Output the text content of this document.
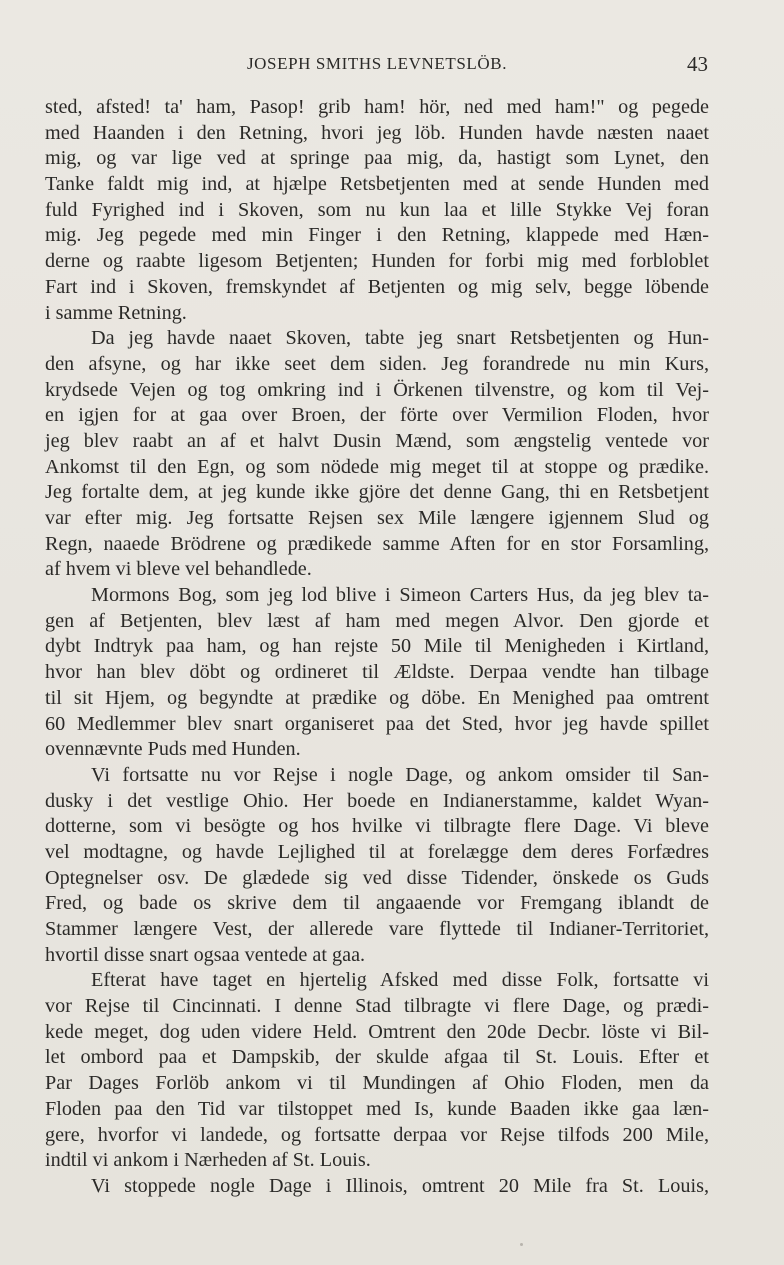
JOSEPH SMITHS LEVNETSLÖB.	43
sted, afsted! ta' ham, Pasop! grib ham! hör, ned med ham!" og pegede
med Haanden i den Retning, hvori jeg löb. Hunden havde næsten naaet
mig, og var lige ved at springe paa mig, da, hastigt som Lynet, den
Tanke faldt mig ind, at hjælpe Retsbetjenten med at sende Hunden med
fuld Fyrighed ind i Skoven, som nu kun laa et lille Stykke Vej foran
mig. Jeg pegede med min Finger i den Retning, klappede med Hæn-
derne og raabte ligesom Betjenten; Hunden for forbi mig med forbloblet
Fart ind i Skoven, fremskyndet af Betjenten og mig selv, begge löbende
i samme Retning.
Da jeg havde naaet Skoven, tabte jeg snart Retsbetjenten og Hun-
den afsyne, og har ikke seet dem siden. Jeg forandrede nu min Kurs,
krydsede Vejen og tog omkring ind i Örkenen tilvenstre, og kom til Vej-
en igjen for at gaa over Broen, der förte over Vermilion Floden, hvor
jeg blev raabt an af et halvt Dusin Mænd, som ængstelig ventede vor
Ankomst til den Egn, og som nödede mig meget til at stoppe og prædike.
Jeg fortalte dem, at jeg kunde ikke gjöre det denne Gang, thi en Retsbetjent
var efter mig. Jeg fortsatte Rejsen sex Mile længere igjennem Slud og
Regn, naaede Brödrene og prædikede samme Aften for en stor Forsamling,
af hvem vi bleve vel behandlede.
Mormons Bog, som jeg lod blive i Simeon Carters Hus, da jeg blev ta-
gen af Betjenten, blev læst af ham med megen Alvor. Den gjorde et
dybt Indtryk paa ham, og han rejste 50 Mile til Menigheden i Kirtland,
hvor han blev döbt og ordineret til Ældste. Derpaa vendte han tilbage
til sit Hjem, og begyndte at prædike og döbe. En Menighed paa omtrent
60 Medlemmer blev snart organiseret paa det Sted, hvor jeg havde spillet
ovennævnte Puds med Hunden.
Vi fortsatte nu vor Rejse i nogle Dage, og ankom omsider til San-
dusky i det vestlige Ohio. Her boede en Indianerstamme, kaldet Wyan-
dotterne, som vi besögte og hos hvilke vi tilbragte flere Dage. Vi bleve
vel modtagne, og havde Lejlighed til at forelægge dem deres Forfædres
Optegnelser osv. De glædede sig ved disse Tidender, önskede os Guds
Fred, og bade os skrive dem til angaaende vor Fremgang iblandt de
Stammer længere Vest, der allerede vare flyttede til Indianer-Territoriet,
hvortil disse snart ogsaa ventede at gaa.
Efterat have taget en hjertelig Afsked med disse Folk, fortsatte vi
vor Rejse til Cincinnati. I denne Stad tilbragte vi flere Dage, og prædi-
kede meget, dog uden videre Held. Omtrent den 20de Decbr. löste vi Bil-
let ombord paa et Dampskib, der skulde afgaa til St. Louis. Efter et
Par Dages Forlöb ankom vi til Mundingen af Ohio Floden, men da
Floden paa den Tid var tilstoppet med Is, kunde Baaden ikke gaa læn-
gere, hvorfor vi landede, og fortsatte derpaa vor Rejse tilfods 200 Mile,
indtil vi ankom i Nærheden af St. Louis.
Vi stoppede nogle Dage i Illinois, omtrent 20 Mile fra St. Louis,
